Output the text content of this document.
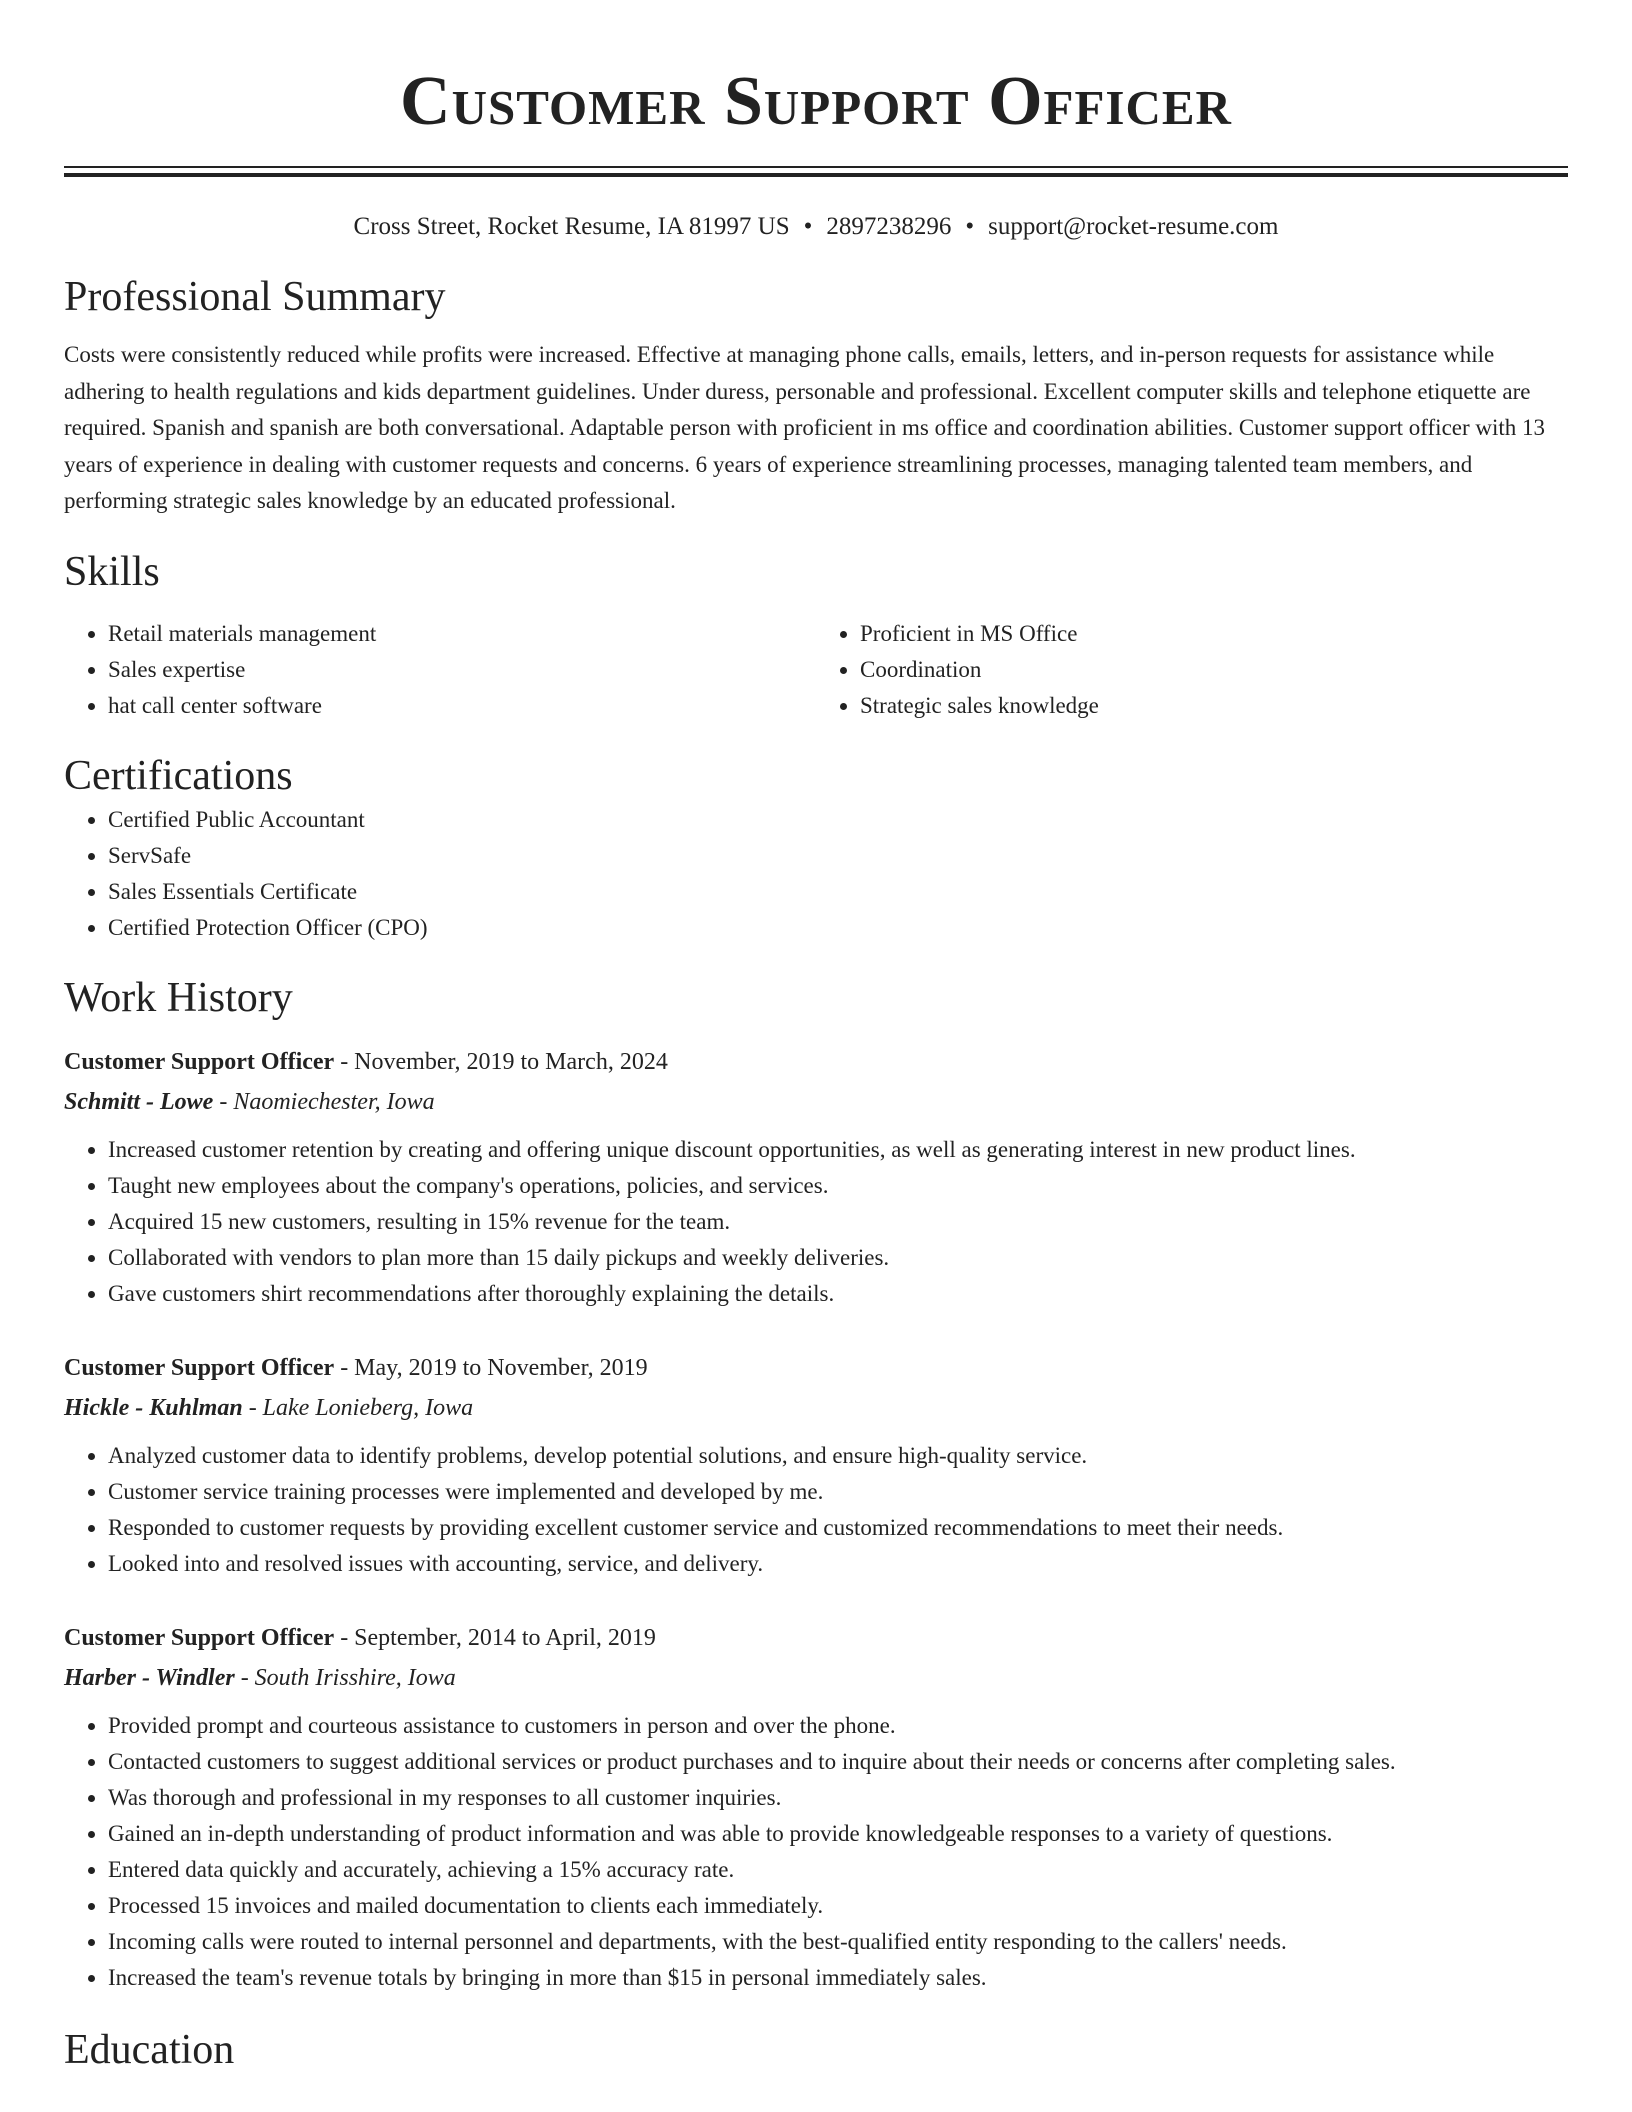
Customer Support Officer
Cross Street, Rocket Resume, IA 81997 US • 2897238296 • support@rocket-resume.com
Professional Summary

Costs were consistently reduced while profits were increased. Effective at managing phone calls, emails, letters, and in-person requests for assistance while adhering to health regulations and kids department guidelines. Under duress, personable and professional. Excellent computer skills and telephone etiquette are required. Spanish and spanish are both conversational. Adaptable person with proficient in ms office and coordination abilities. Customer support officer with 13 years of experience in dealing with customer requests and concerns. 6 years of experience streamlining processes, managing talented team members, and performing strategic sales knowledge by an educated professional.

Skills
• Retail materials management
• Sales expertise
• hat call center software
• Proficient in MS Office
• Coordination
• Strategic sales knowledge
Certifications
• Certified Public Accountant
• ServSafe
• Sales Essentials Certificate
• Certified Protection Officer (CPO)
Work History
Customer Support Officer - November, 2019 to March, 2024
Schmitt - Lowe - Naomiechester, Iowa
• Increased customer retention by creating and offering unique discount opportunities, as well as generating interest in new product lines.
• Taught new employees about the company's operations, policies, and services.
• Acquired 15 new customers, resulting in 15% revenue for the team.
• Collaborated with vendors to plan more than 15 daily pickups and weekly deliveries.
• Gave customers shirt recommendations after thoroughly explaining the details.
Customer Support Officer - May, 2019 to November, 2019
Hickle - Kuhlman - Lake Lonieberg, Iowa
• Analyzed customer data to identify problems, develop potential solutions, and ensure high-quality service.
• Customer service training processes were implemented and developed by me.
• Responded to customer requests by providing excellent customer service and customized recommendations to meet their needs.
• Looked into and resolved issues with accounting, service, and delivery.
Customer Support Officer - September, 2014 to April, 2019
Harber - Windler - South Irisshire, Iowa
• Provided prompt and courteous assistance to customers in person and over the phone.
• Contacted customers to suggest additional services or product purchases and to inquire about their needs or concerns after completing sales.
• Was thorough and professional in my responses to all customer inquiries.
• Gained an in-depth understanding of product information and was able to provide knowledgeable responses to a variety of questions.
• Entered data quickly and accurately, achieving a 15% accuracy rate.
• Processed 15 invoices and mailed documentation to clients each immediately.
• Incoming calls were routed to internal personnel and departments, with the best-qualified entity responding to the callers' needs.
• Increased the team's revenue totals by bringing in more than $15 in personal immediately sales.
Education
